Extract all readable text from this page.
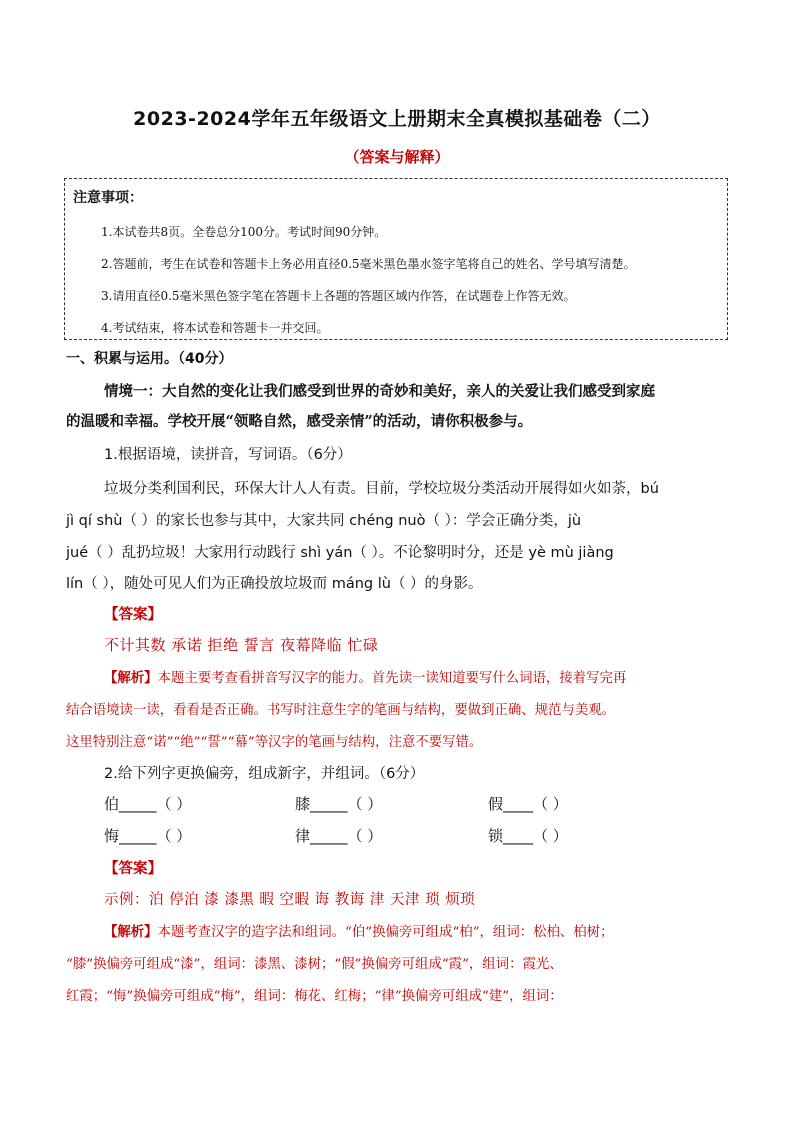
2023-2024学年五年级语文上册期末全真模拟基础卷（二）
（答案与解释）
注意事项：
1.本试卷共8页。全卷总分100分。考试时间90分钟。
2.答题前，考生在试卷和答题卡上务必用直径0.5毫米黑色墨水签字笔将自己的姓名、学号填写清楚。
3.请用直径0.5毫米黑色签字笔在答题卡上各题的答题区域内作答，在试题卷上作答无效。
4.考试结束，将本试卷和答题卡一并交回。
一、积累与运用。（40分）
情境一：大自然的变化让我们感受到世界的奇妙和美好，亲人的关爱让我们感受到家庭
的温暖和幸福。学校开展“领略自然，感受亲情”的活动，请你积极参与。
1.根据语境，读拼音，写词语。（6分）
垃圾分类利国利民，环保大计人人有责。目前，学校垃圾分类活动开展得如火如荼，bú
jì qí shù（ ）的家长也参与其中，大家共同 chéng nuò（ ）：学会正确分类，jù
jué（ ）乱扔垃圾！大家用行动践行 shì yán（ ）。不论黎明时分，还是 yè mù jiàng
lín（ ），随处可见人们为正确投放垃圾而 máng lù（ ）的身影。
【答案】
不计其数 承诺 拒绝 誓言 夜幕降临 忙碌
【解析】本题主要考查看拼音写汉字的能力。首先读一读知道要写什么词语，接着写完再
结合语境读一读，看看是否正确。书写时注意生字的笔画与结构，要做到正确、规范与美观。
这里特别注意“诺”“绝”“誓”“幕”等汉字的笔画与结构，注意不要写错。
2.给下列字更换偏旁，组成新字，并组词。（6分）
伯_____（ ）	膝_____（ ）	假____（ ）
悔_____（ ）	律_____（ ）	锁____（ ）
【答案】
示例：泊 停泊 漆 漆黑 暇 空暇 诲 教诲 津 天津 琐 烦琐
【解析】本题考查汉字的造字法和组词。“伯”换偏旁可组成“柏”，组词：松柏、柏树；
“膝”换偏旁可组成“漆”，组词：漆黑、漆树；“假”换偏旁可组成“霞”，组词：霞光、
红霞；“悔”换偏旁可组成“梅”，组词：梅花、红梅；“律”换偏旁可组成“建”，组词：
